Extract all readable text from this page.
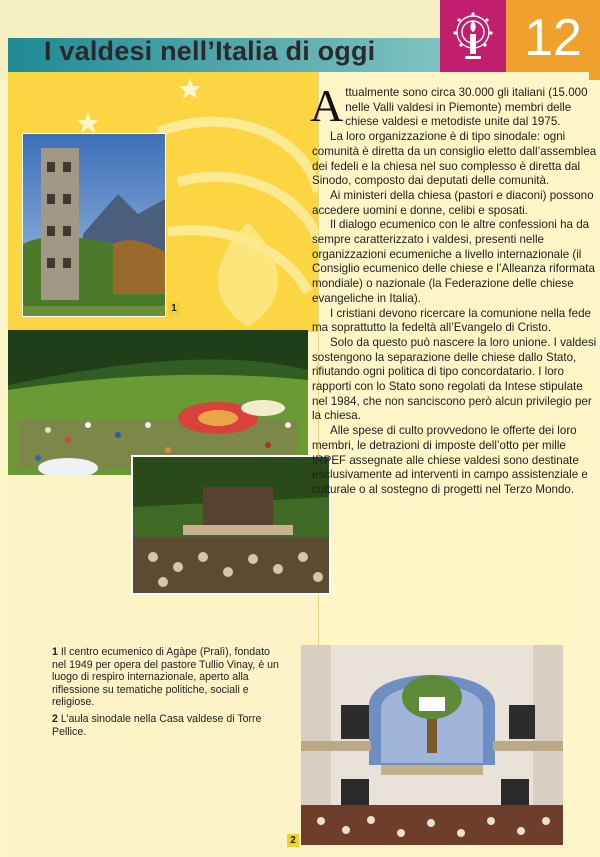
I valdesi nell’Italia di oggi	12
1

Attualmente sono circa 30.000 gli italiani (15.000 nelle Valli valdesi in Piemonte) membri delle chiese valdesi e metodiste unite dal 1975.

La loro organizzazione è di tipo sinodale: ogni comunità è diretta da un consiglio eletto dall’assemblea dei fedeli e la chiesa nel suo complesso è diretta dal Sinodo, composto dai deputati delle comunità.

Ai ministeri della chiesa (pastori e diaconi) possono accedere uomini e donne, celibi e sposati.

Il dialogo ecumenico con le altre confessioni ha da sempre caratterizzato i valdesi, presenti nelle organizzazioni ecumeniche a livello internazionale (il Consiglio ecumenico delle chiese e l’Alleanza riformata mondiale) o nazionale (la Federazione delle chiese evangeliche in Italia).

I cristiani devono ricercare la comunione nella fede ma soprattutto la fedeltà all’Evangelo di Cristo.

Solo da questo può nascere la loro unione. I valdesi sostengono la separazione delle chiese dallo Stato, rifiutando ogni politica di tipo concordatario. I loro rapporti con lo Stato sono regolati da Intese stipulate nel 1984, che non sanciscono però alcun privilegio per la chiesa.

Alle spese di culto provvedono le offerte dei loro membri, le detrazioni di imposte dell’otto per mille IRPEF assegnate alle chiese valdesi sono destinate esclusivamente ad interventi in campo assistenziale e culturale o al sostegno di progetti nel Terzo Mondo.

1 Il centro ecumenico di Agàpe (Pralì), fondato nel 1949 per opera del pastore Tullio Vinay, è un luogo di respiro internazionale, aperto alla riflessione su tematiche politiche, sociali e religiose.

2 L’aula sinodale nella Casa valdese di Torre Pellice.

2
